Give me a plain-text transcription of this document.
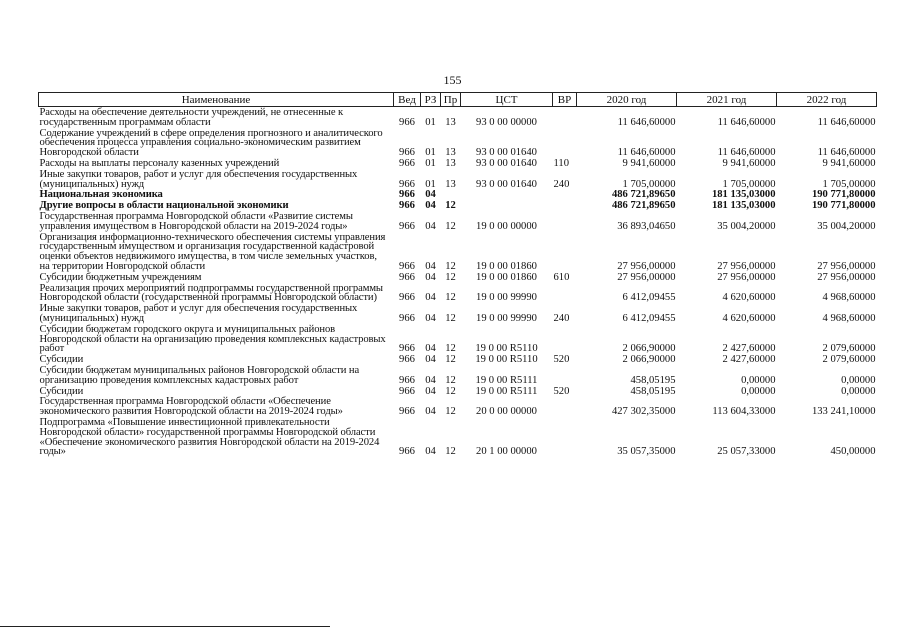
155
Наименование	Вед	РЗ	Пр	ЦСТ	ВР	2020 год	2021 год	2022 год
Расходы на обеспечение деятельности учреждений, не отнесенные к государственным программам области	966	01	13	93 0 00 00000		11 646,60000	11 646,60000	11 646,60000
Содержание учреждений в сфере определения прогнозного и аналитического обеспечения процесса управления социально-экономическим развитием Новгородской области	966	01	13	93 0 00 01640		11 646,60000	11 646,60000	11 646,60000
Расходы на выплаты персоналу казенных учреждений	966	01	13	93 0 00 01640	110	9 941,60000	9 941,60000	9 941,60000
Иные закупки товаров, работ и услуг для обеспечения государственных (муниципальных) нужд	966	01	13	93 0 00 01640	240	1 705,00000	1 705,00000	1 705,00000
Национальная экономика	966	04				486 721,89650	181 135,03000	190 771,80000
Другие вопросы в области национальной экономики	966	04	12			486 721,89650	181 135,03000	190 771,80000
Государственная программа Новгородской области «Развитие системы управления имуществом в Новгородской области на 2019-2024 годы»	966	04	12	19 0 00 00000		36 893,04650	35 004,20000	35 004,20000
Организация информационно-технического обеспечения системы управления государственным имуществом и организация государственной кадастровой оценки объектов недвижимого имущества, в том числе земельных участков, на территории Новгородской области	966	04	12	19 0 00 01860		27 956,00000	27 956,00000	27 956,00000
Субсидии бюджетным учреждениям	966	04	12	19 0 00 01860	610	27 956,00000	27 956,00000	27 956,00000
Реализация прочих мероприятий подпрограммы государственной программы Новгородской области (государственной программы Новгородской области)	966	04	12	19 0 00 99990		6 412,09455	4 620,60000	4 968,60000
Иные закупки товаров, работ и услуг для обеспечения государственных (муниципальных) нужд	966	04	12	19 0 00 99990	240	6 412,09455	4 620,60000	4 968,60000
Субсидии бюджетам городского округа и муниципальных районов Новгородской области на организацию проведения комплексных кадастровых работ	966	04	12	19 0 00 R5110		2 066,90000	2 427,60000	2 079,60000
Субсидии	966	04	12	19 0 00 R5110	520	2 066,90000	2 427,60000	2 079,60000
Субсидии бюджетам муниципальных районов Новгородской области на организацию проведения комплексных кадастровых работ	966	04	12	19 0 00 R5111		458,05195	0,00000	0,00000
Субсидии	966	04	12	19 0 00 R5111	520	458,05195	0,00000	0,00000
Государственная программа Новгородской области «Обеспечение экономического развития Новгородской области на 2019-2024 годы»	966	04	12	20 0 00 00000		427 302,35000	113 604,33000	133 241,10000
Подпрограмма «Повышение инвестиционной привлекательности Новгородской области» государственной программы Новгородской области «Обеспечение экономического развития Новгородской области на 2019-2024 годы»	966	04	12	20 1 00 00000		35 057,35000	25 057,33000	450,00000
